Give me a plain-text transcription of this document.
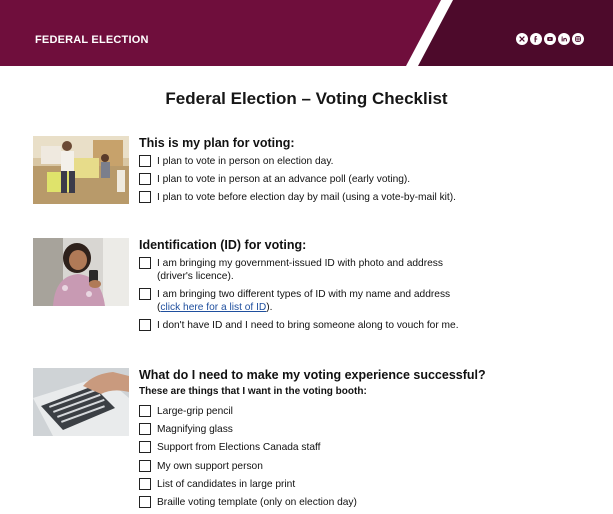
FEDERAL ELECTION
Federal Election – Voting Checklist
This is my plan for voting:
I plan to vote in person on election day.
I plan to vote in person at an advance poll (early voting).
I plan to vote before election day by mail (using a vote-by-mail kit).
Identification (ID) for voting:
I am bringing my government-issued ID with photo and address
(driver's licence).
I am bringing two different types of ID with my name and address
(click here for a list of ID).
I don't have ID and I need to bring someone along to vouch for me.
What do I need to make my voting experience successful?
These are things that I want in the voting booth:
Large-grip pencil
Magnifying glass
Support from Elections Canada staff
My own support person
List of candidates in large print
Braille voting template (only on election day)
